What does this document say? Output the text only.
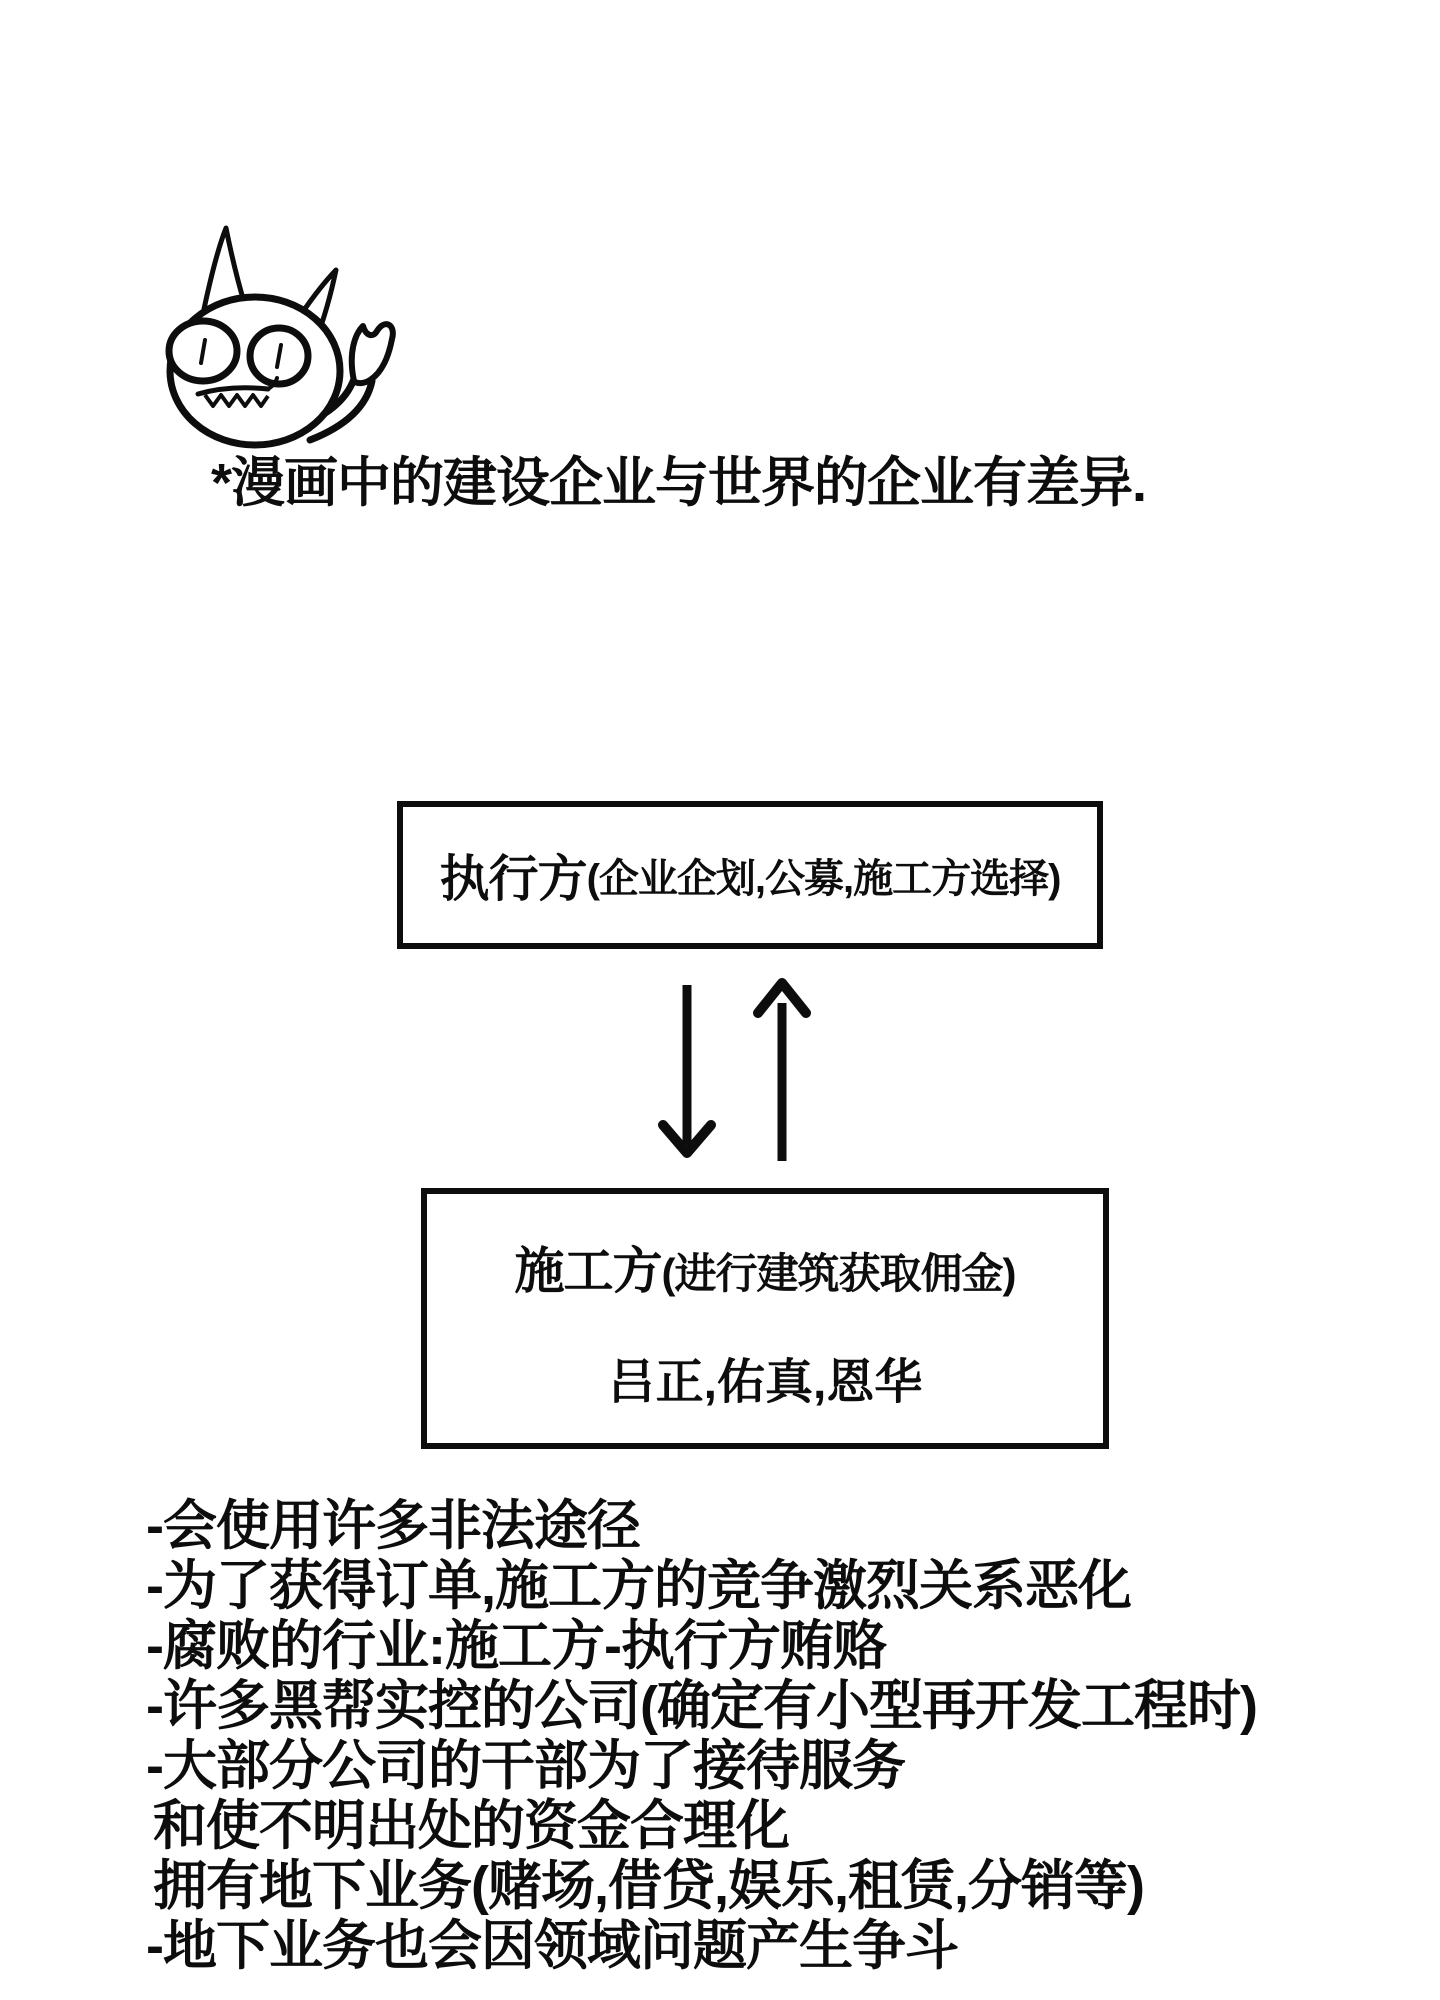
*漫画中的建设企业与世界的企业有差异.
执行方 (企业企划,公募,施工方选择)
施工方(进行建筑获取佣金)
吕正,佑真,恩华
-会使用许多非法途径
-为了获得订单,施工方的竞争激烈关系恶化
-腐败的行业:施工方-执行方贿赂
-许多黑帮实控的公司(确定有小型再开发工程时)
-大部分公司的干部为了接待服务
和使不明出处的资金合理化
拥有地下业务(赌场,借贷,娱乐,租赁,分销等)
-地下业务也会因领域问题产生争斗
